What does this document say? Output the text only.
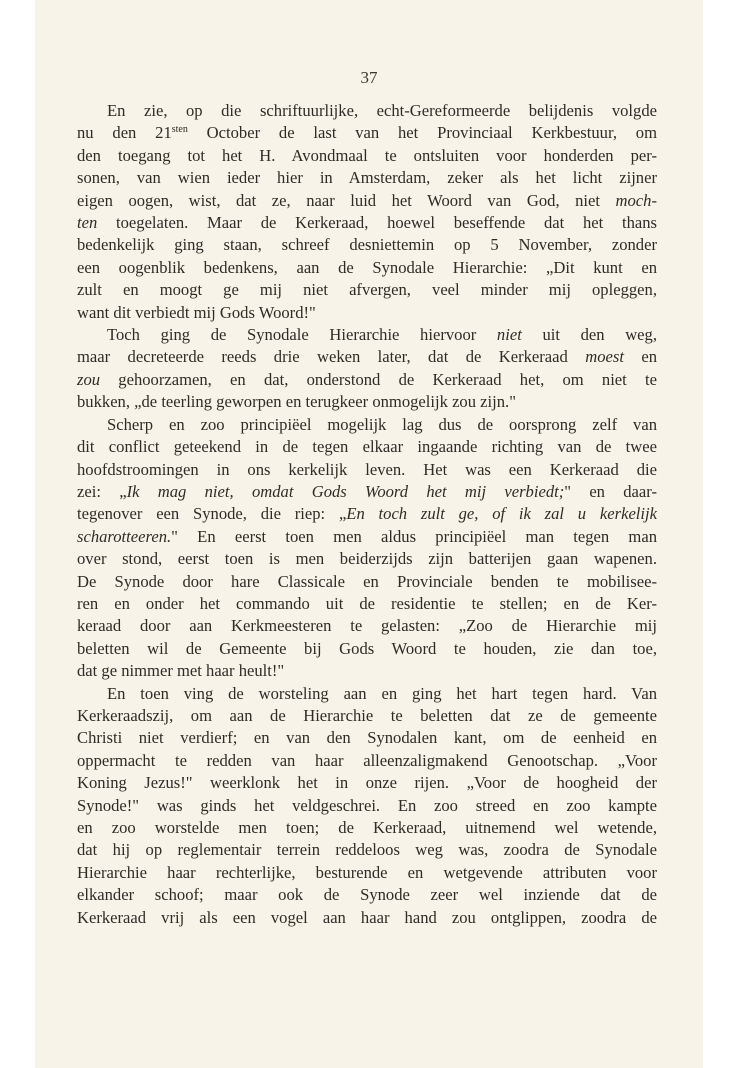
37
En zie, op die schriftuurlijke, echt-Gereformeerde belijdenis volgde
nu den $21^{sten}$ October de last van het Provinciaal Kerkbestuur, om
den toegang tot het H. Avondmaal te ontsluiten voor honderden per-
sonen, van wien ieder hier in Amsterdam, zeker als het licht zijner
eigen oogen, wist, dat ze, naar luid het Woord van God, niet moch-
ten toegelaten. Maar de Kerkeraad, hoewel beseffende dat het thans
bedenkelijk ging staan, schreef desniettemin op 5 November, zonder
een oogenblik bedenkens, aan de Synodale Hierarchie: „Dit kunt en
zult en moogt ge mij niet afvergen, veel minder mij opleggen,
want dit verbiedt mij Gods Woord!"
Toch ging de Synodale Hierarchie hiervoor niet uit den weg,
maar decreteerde reeds drie weken later, dat de Kerkeraad moest en
zou gehoorzamen, en dat, onderstond de Kerkeraad het, om niet te
bukken, „de teerling geworpen en terugkeer onmogelijk zou zijn."
Scherp en zoo principiëel mogelijk lag dus de oorsprong zelf van
dit conflict geteekend in de tegen elkaar ingaande richting van de twee
hoofdstroomingen in ons kerkelijk leven. Het was een Kerkeraad die
zei: „Ik mag niet, omdat Gods Woord het mij verbiedt;" en daar-
tegenover een Synode, die riep: „En toch zult ge, of ik zal u kerkelijk
scharotteeren." En eerst toen men aldus principiëel man tegen man
over stond, eerst toen is men beiderzijds zijn batterijen gaan wapenen.
De Synode door hare Classicale en Provinciale benden te mobilisee-
ren en onder het commando uit de residentie te stellen; en de Ker-
keraad door aan Kerkmeesteren te gelasten: „Zoo de Hierarchie mij
beletten wil de Gemeente bij Gods Woord te houden, zie dan toe,
dat ge nimmer met haar heult!"
En toen ving de worsteling aan en ging het hart tegen hard. Van
Kerkeraadszij, om aan de Hierarchie te beletten dat ze de gemeente
Christi niet verdierf; en van den Synodalen kant, om de eenheid en
oppermacht te redden van haar alleenzaligmakend Genootschap. „Voor
Koning Jezus!" weerklonk het in onze rijen. „Voor de hoogheid der
Synode!" was ginds het veldgeschrei. En zoo streed en zoo kampte
en zoo worstelde men toen; de Kerkeraad, uitnemend wel wetende,
dat hij op reglementair terrein reddeloos weg was, zoodra de Synodale
Hierarchie haar rechterlijke, besturende en wetgevende attributen voor
elkander schoof; maar ook de Synode zeer wel inziende dat de
Kerkeraad vrij als een vogel aan haar hand zou ontglippen, zoodra de
